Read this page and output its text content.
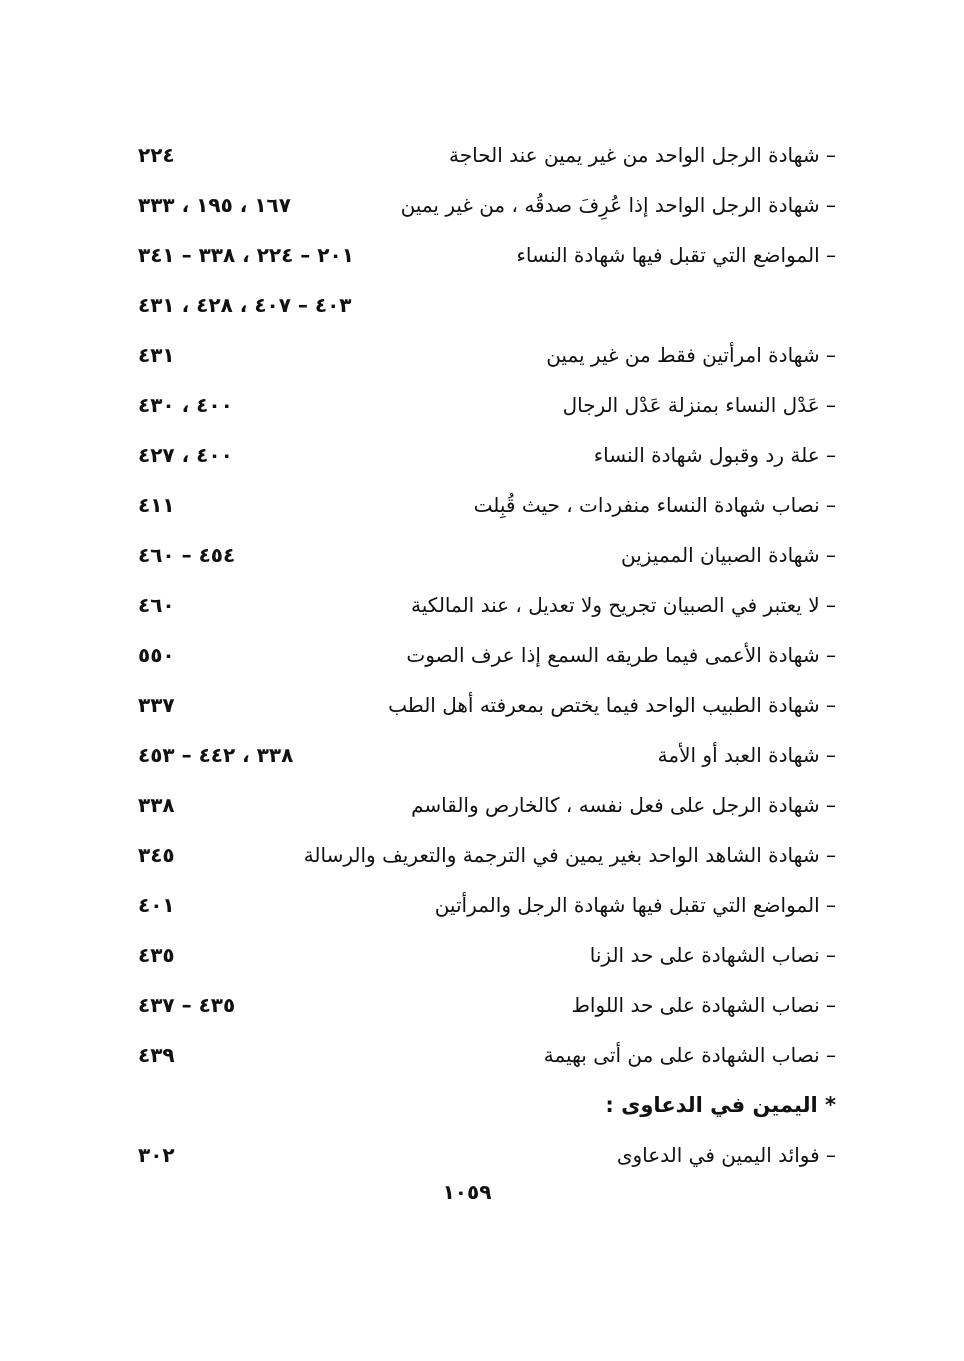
– شهادة الرجل الواحد من غير يمين عند الحاجة
٢٢٤
– شهادة الرجل الواحد إذا عُرِفَ صدقُه ، من غير يمين
١٦٧ ، ١٩٥ ، ٣٣٣
– المواضع التي تقبل فيها شهادة النساء
٢٠١ – ٢٢٤ ، ٣٣٨ – ٣٤١
٤٠٣ – ٤٠٧ ، ٤٢٨ ، ٤٣١
– شهادة امرأتين فقط من غير يمين
٤٣١
– عَدْل النساء بمنزلة عَدْل الرجال
٤٠٠ ، ٤٣٠
– علة رد وقبول شهادة النساء
٤٠٠ ، ٤٢٧
– نصاب شهادة النساء منفردات ، حيث قُبِلت
٤١١
– شهادة الصبيان المميزين
٤٥٤ – ٤٦٠
– لا يعتبر في الصبيان تجريح ولا تعديل ، عند المالكية
٤٦٠
– شهادة الأعمى فيما طريقه السمع إذا عرف الصوت
٥٥٠
– شهادة الطبيب الواحد فيما يختص بمعرفته أهل الطب
٣٣٧
– شهادة العبد أو الأمة
٣٣٨ ، ٤٤٢ – ٤٥٣
– شهادة الرجل على فعل نفسه ، كالخارص والقاسم
٣٣٨
– شهادة الشاهد الواحد بغير يمين في الترجمة والتعريف والرسالة
٣٤٥
– المواضع التي تقبل فيها شهادة الرجل والمرأتين
٤٠١
– نصاب الشهادة على حد الزنا
٤٣٥
– نصاب الشهادة على حد اللواط
٤٣٥ – ٤٣٧
– نصاب الشهادة على من أتى بهيمة
٤٣٩
* اليمين في الدعاوى :
– فوائد اليمين في الدعاوى
٣٠٢
١٠٥٩
